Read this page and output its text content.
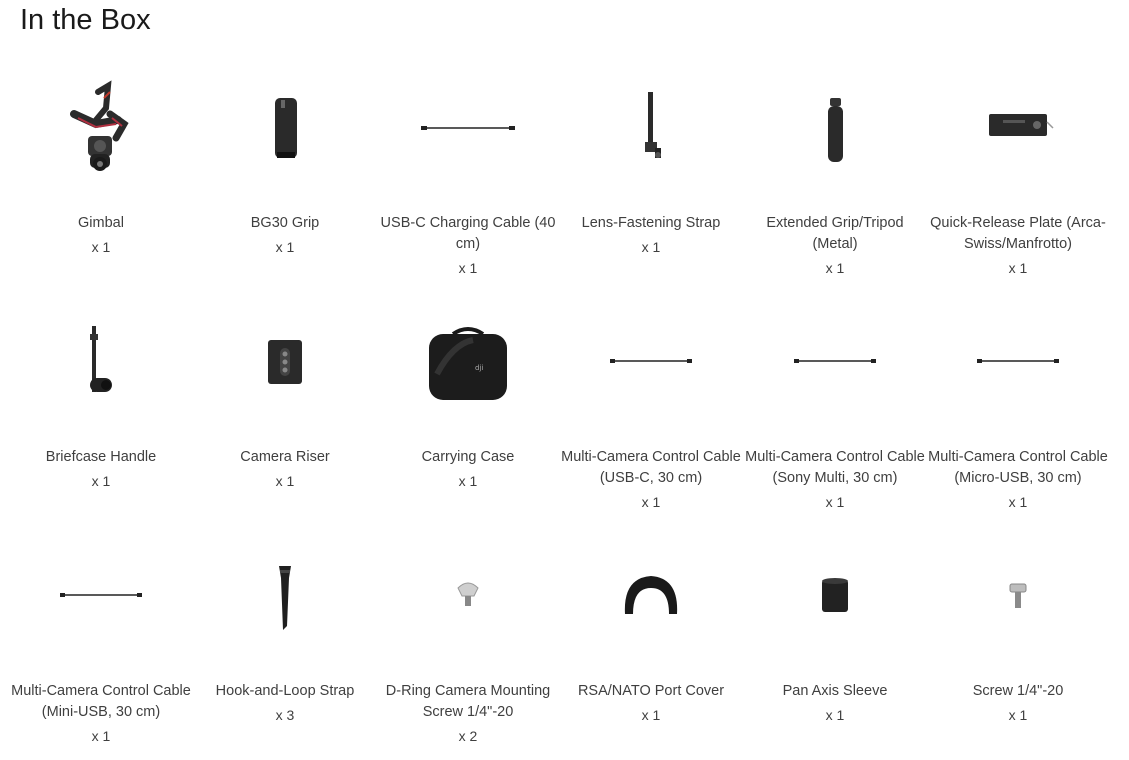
In the Box
Gimbal
x 1
BG30 Grip
x 1
USB-C Charging Cable (40 cm)
x 1
Lens-Fastening Strap
x 1
Extended Grip/Tripod (Metal)
x 1
Quick-Release Plate (Arca-Swiss/Manfrotto)
x 1
Briefcase Handle
x 1
Camera Riser
x 1
dji
Carrying Case
x 1
Multi-Camera Control Cable (USB-C, 30 cm)
x 1
Multi-Camera Control Cable (Sony Multi, 30 cm)
x 1
Multi-Camera Control Cable (Micro-USB, 30 cm)
x 1
Multi-Camera Control Cable (Mini-USB, 30 cm)
x 1
Hook-and-Loop Strap
x 3
D-Ring Camera Mounting Screw 1/4"-20
x 2
RSA/NATO Port Cover
x 1
Pan Axis Sleeve
x 1
Screw 1/4"-20
x 1
